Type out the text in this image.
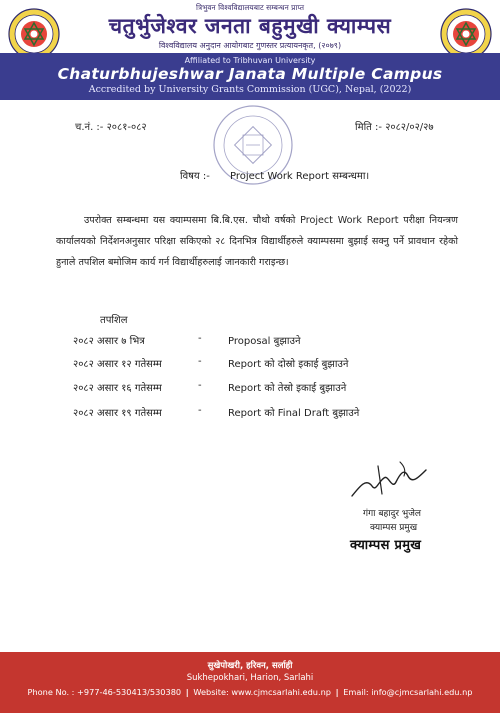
त्रिभुवन विश्वविद्यालयबाट सम्बन्धन प्राप्त
चतुर्भुजेश्वर जनता बहुमुखी क्याम्पस
विश्वविद्यालय अनुदान आयोगबाट गुणस्तर प्रत्यायनकृत, (२०७९)
Affiliated to Tribhuvan University
Chaturbhujeshwar Janata Multiple Campus
Accredited by University Grants Commission (UGC), Nepal, (2022)
च.नं. :- २०८१-०८२	मिति :- २०८२/०२/२७
विषय :- Project Work Report सम्बन्धमा।
उपरोक्त सम्बन्धमा यस क्याम्पसमा बि.बि.एस. चौथो वर्षको Project Work Report परीक्षा नियन्त्रण कार्यालयको निर्देशनअनुसार परिक्षा सकिएको २८ दिनभित्र विद्यार्थीहरुले क्याम्पसमा बुझाई सक्नु पर्ने प्रावधान रहेको हुनाले तपशिल बमोजिम कार्य गर्न विद्यार्थीहरुलाई जानकारी गराइन्छ।
तपशिल
२०८२ असार ७ भित्र	-	Proposal बुझाउने
२०८२ असार १२ गतेसम्म	-	Report को दोस्रो इकाई बुझाउने
२०८२ असार १६ गतेसम्म	-	Report को तेस्रो इकाई बुझाउने
२०८२ असार १९ गतेसम्म	-	Report को Final Draft बुझाउने
गंगा बहादुर भुजेल
क्याम्पस प्रमुख
क्याम्पस प्रमुख
सुखेपोखरी, हरिवन, सर्लाही
Sukhepokhari, Harion, Sarlahi
Phone No. : +977-46-530413/530380 | Website: www.cjmcsarlahi.edu.np | Email: info@cjmcsarlahi.edu.np
